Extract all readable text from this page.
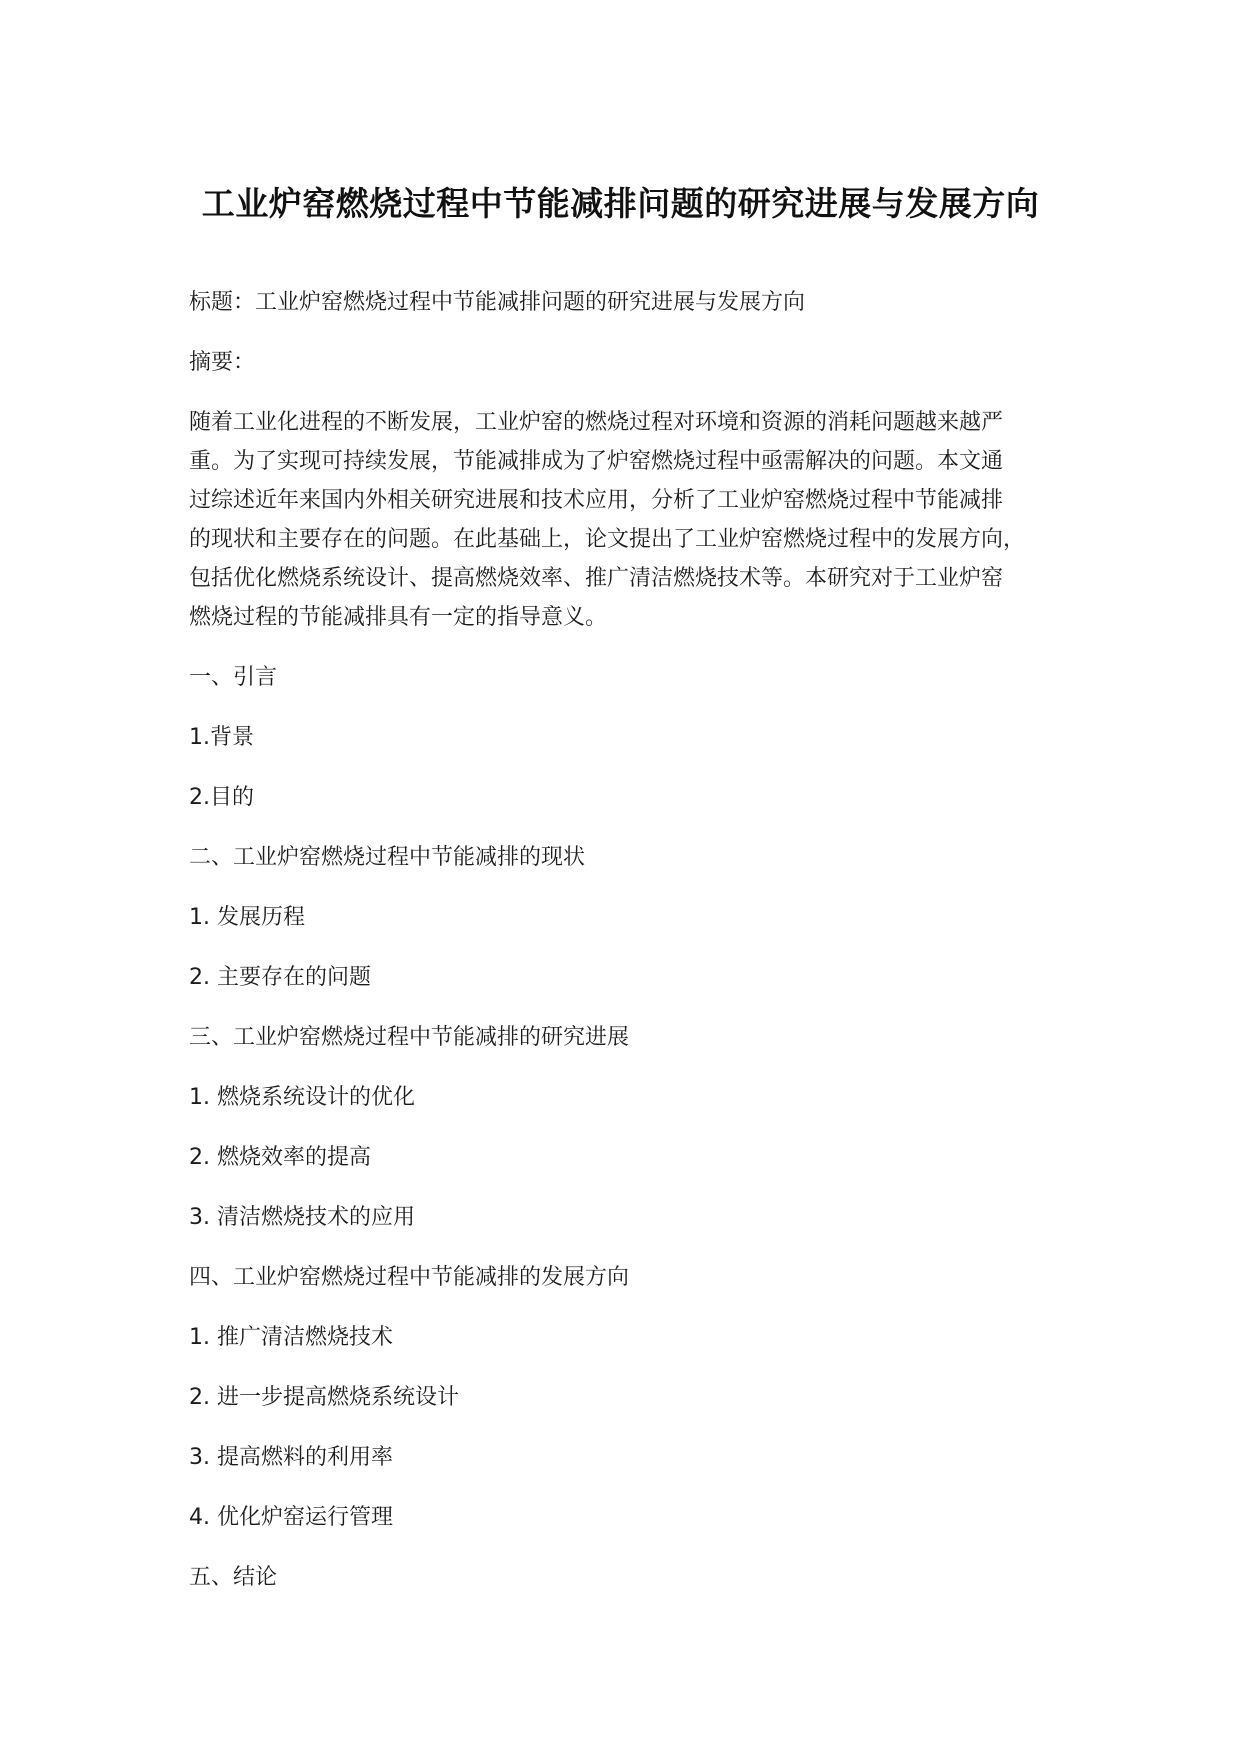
工业炉窑燃烧过程中节能减排问题的研究进展与发展方向
标题：工业炉窑燃烧过程中节能减排问题的研究进展与发展方向
摘要：
随着工业化进程的不断发展，工业炉窑的燃烧过程对环境和资源的消耗问题越来越严
重。为了实现可持续发展，节能减排成为了炉窑燃烧过程中亟需解决的问题。本文通
过综述近年来国内外相关研究进展和技术应用，分析了工业炉窑燃烧过程中节能减排
的现状和主要存在的问题。在此基础上，论文提出了工业炉窑燃烧过程中的发展方向，
包括优化燃烧系统设计、提高燃烧效率、推广清洁燃烧技术等。本研究对于工业炉窑
燃烧过程的节能减排具有一定的指导意义。
一、引言
1.背景
2.目的
二、工业炉窑燃烧过程中节能减排的现状
1. 发展历程
2. 主要存在的问题
三、工业炉窑燃烧过程中节能减排的研究进展
1. 燃烧系统设计的优化
2. 燃烧效率的提高
3. 清洁燃烧技术的应用
四、工业炉窑燃烧过程中节能减排的发展方向
1. 推广清洁燃烧技术
2. 进一步提高燃烧系统设计
3. 提高燃料的利用率
4. 优化炉窑运行管理
五、结论
